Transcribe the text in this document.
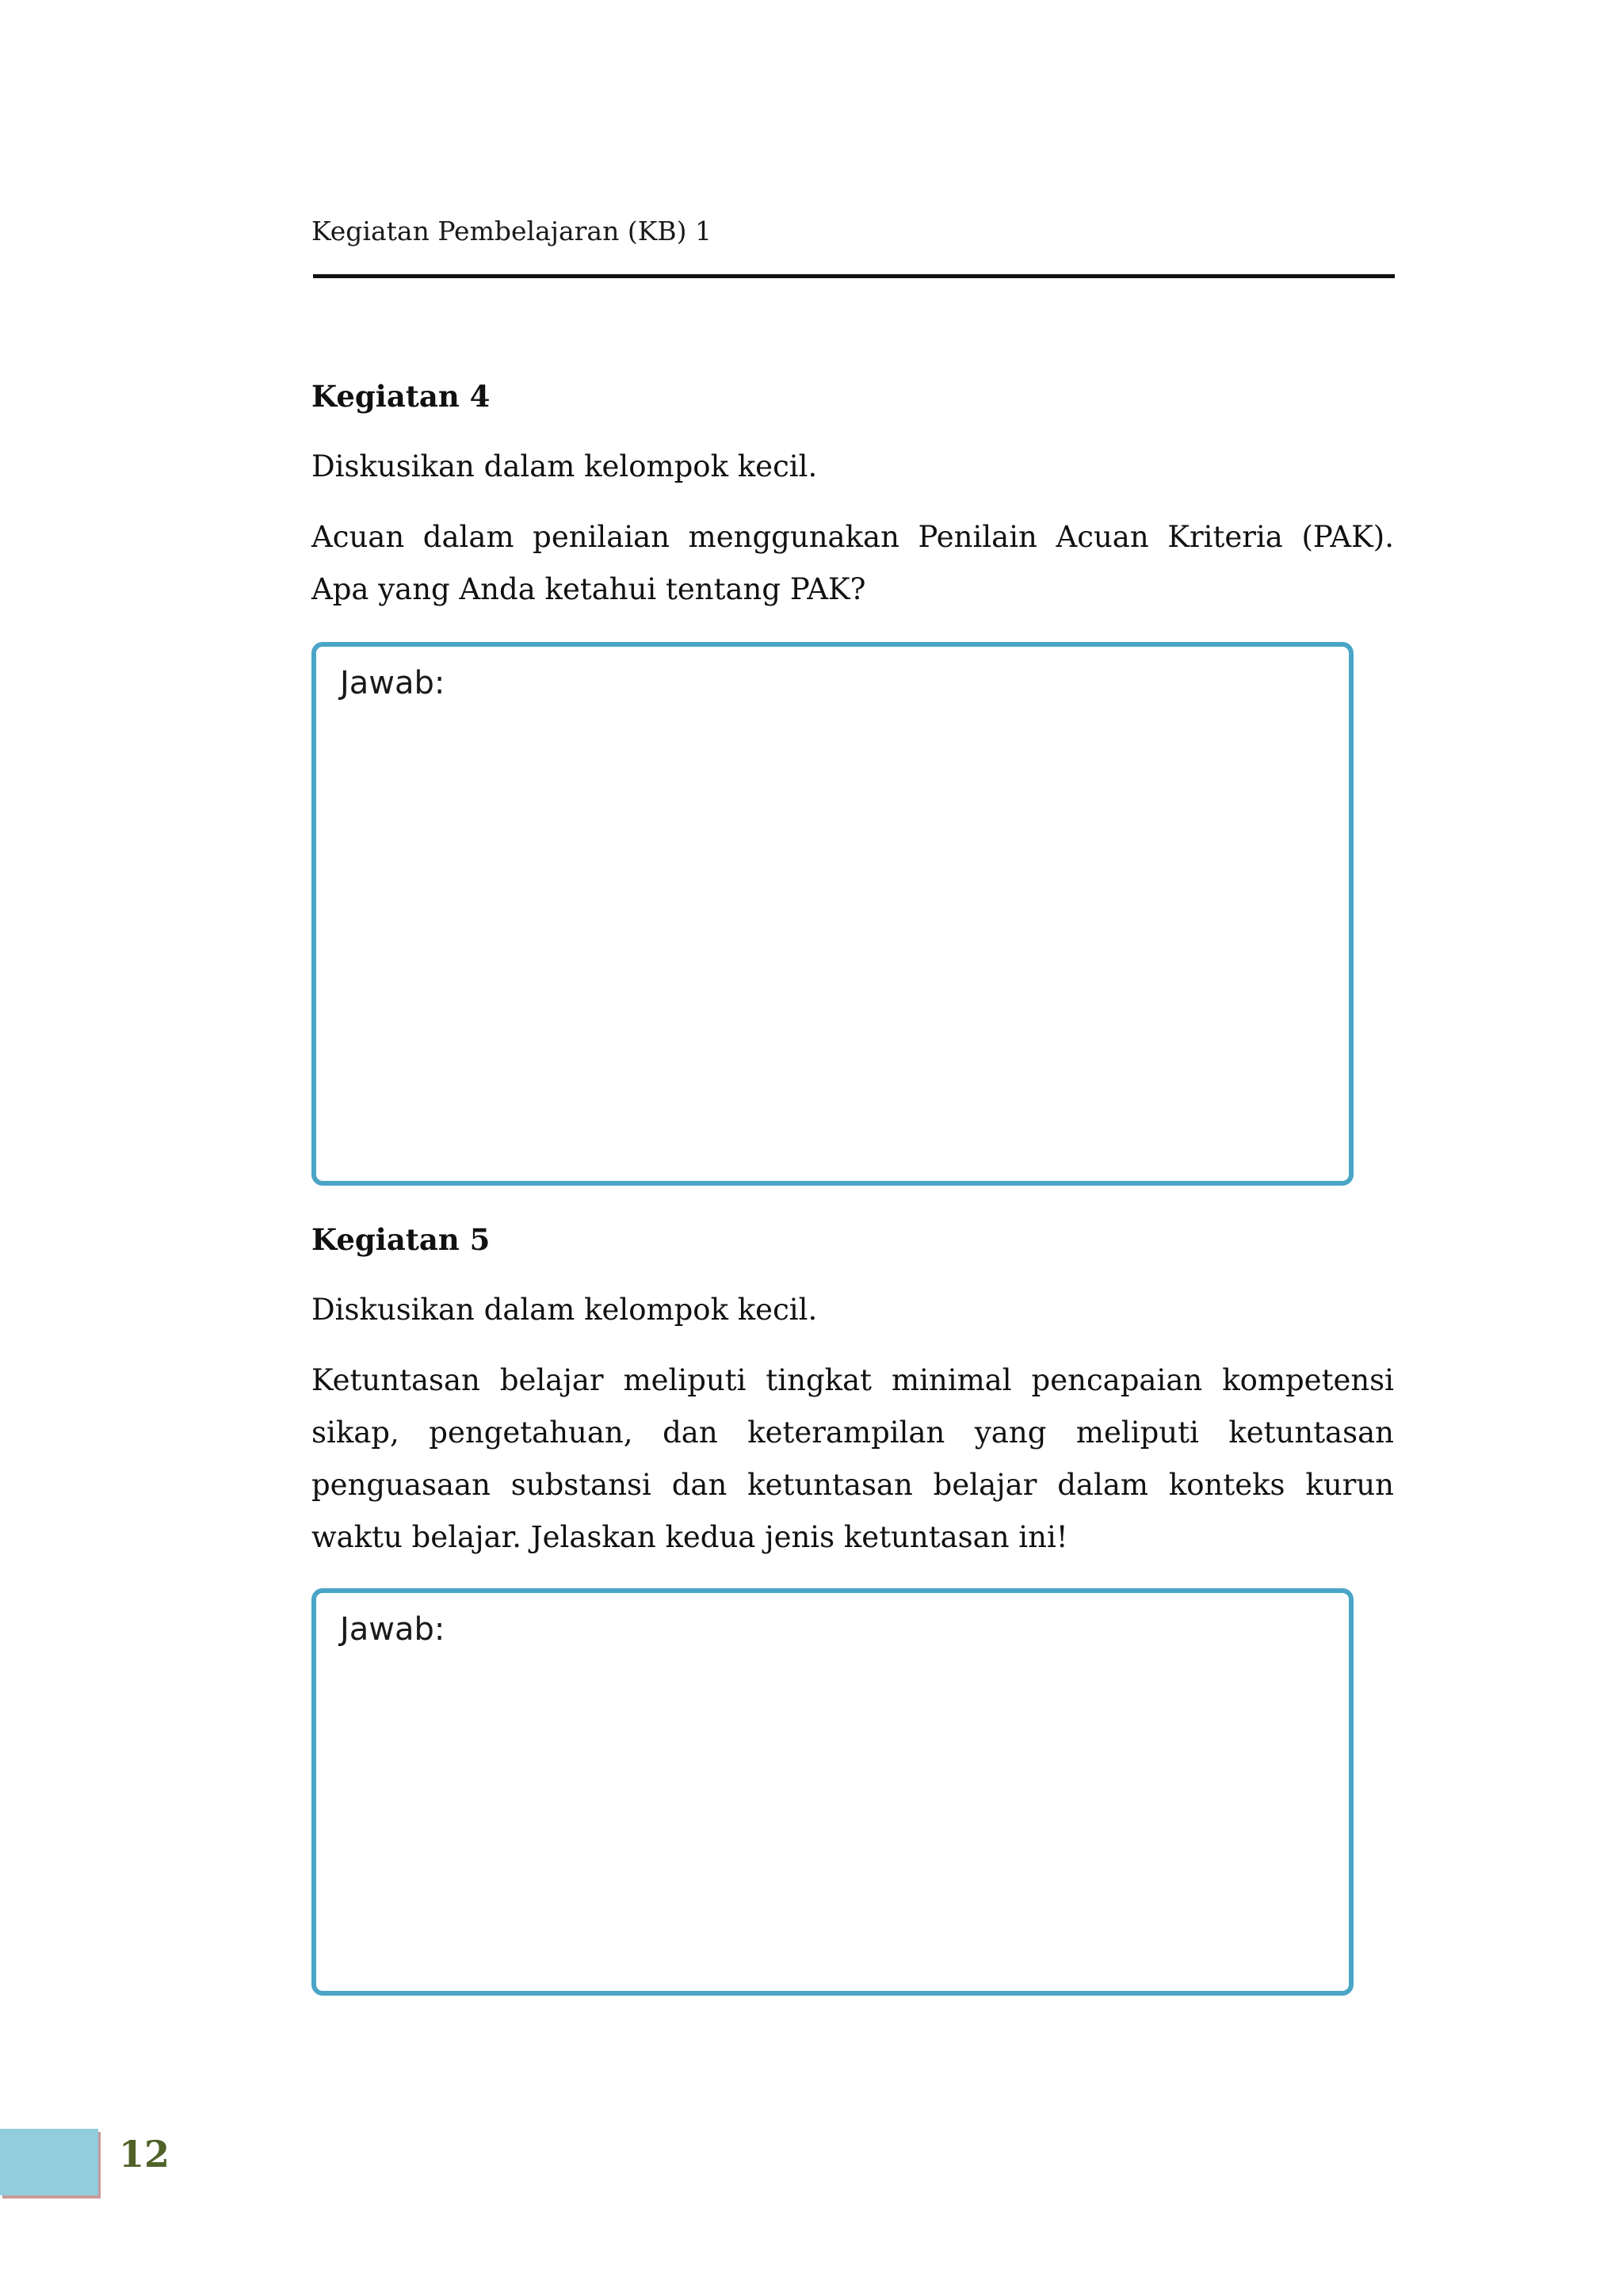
Kegiatan Pembelajaran (KB) 1
Kegiatan 4

Diskusikan dalam kelompok kecil.

Acuan dalam penilaian menggunakan Penilain Acuan Kriteria (PAK). Apa yang Anda ketahui tentang PAK?

Jawab:
Kegiatan 5

Diskusikan dalam kelompok kecil.

Ketuntasan belajar meliputi tingkat minimal pencapaian kompetensi sikap, pengetahuan, dan keterampilan yang meliputi ketuntasan penguasaan substansi dan ketuntasan belajar dalam konteks kurun waktu belajar. Jelaskan kedua jenis ketuntasan ini!

Jawab:
12
